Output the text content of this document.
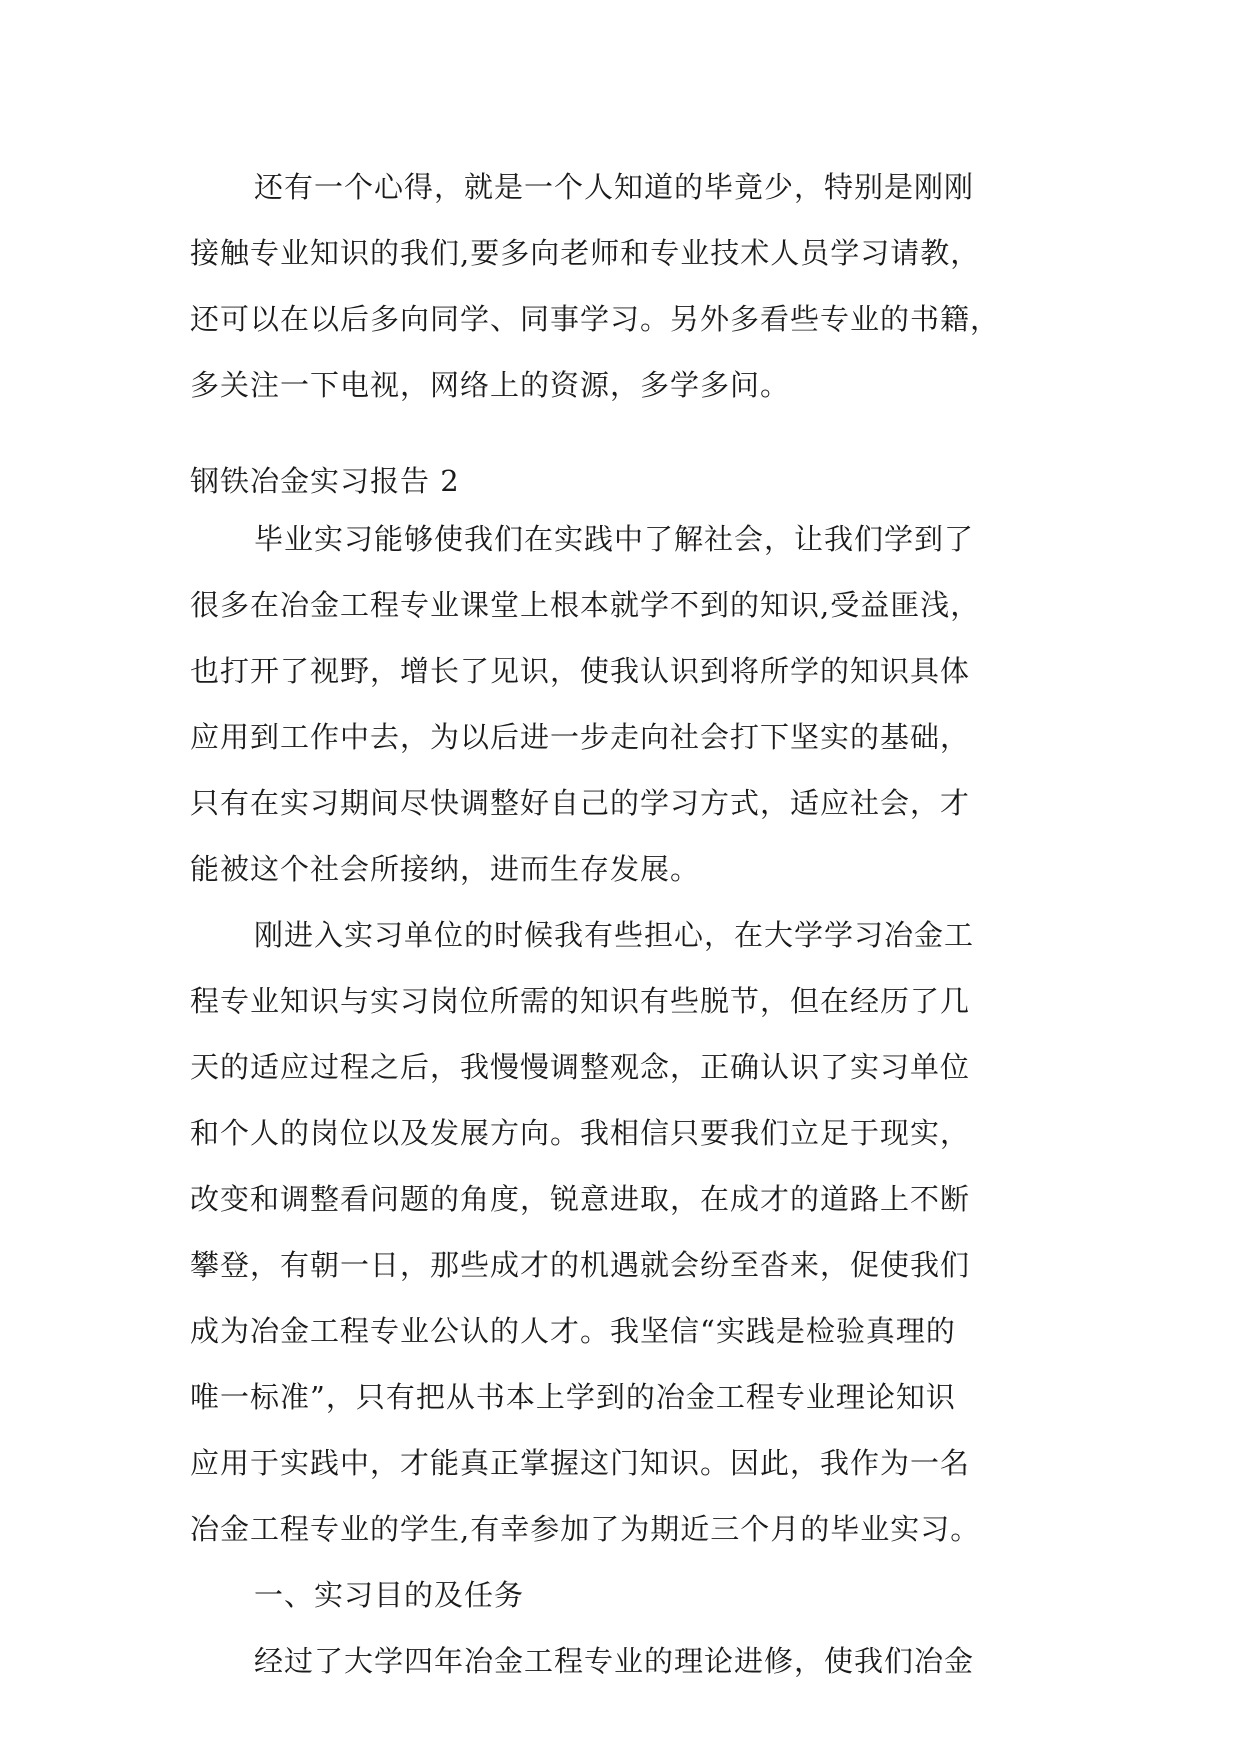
还有一个心得，就是一个人知道的毕竟少，特别是刚刚
接触专业知识的我们,要多向老师和专业技术人员学习请教，
还可以在以后多向同学、同事学习。另外多看些专业的书籍，
多关注一下电视，网络上的资源，多学多问。
钢铁冶金实习报告 2
毕业实习能够使我们在实践中了解社会，让我们学到了
很多在冶金工程专业课堂上根本就学不到的知识,受益匪浅，
也打开了视野，增长了见识，使我认识到将所学的知识具体
应用到工作中去，为以后进一步走向社会打下坚实的基础，
只有在实习期间尽快调整好自己的学习方式，适应社会，才
能被这个社会所接纳，进而生存发展。
刚进入实习单位的时候我有些担心，在大学学习冶金工
程专业知识与实习岗位所需的知识有些脱节，但在经历了几
天的适应过程之后，我慢慢调整观念，正确认识了实习单位
和个人的岗位以及发展方向。我相信只要我们立足于现实，
改变和调整看问题的角度，锐意进取，在成才的道路上不断
攀登，有朝一日，那些成才的机遇就会纷至沓来，促使我们
成为冶金工程专业公认的人才。我坚信“实践是检验真理的
唯一标准”，只有把从书本上学到的冶金工程专业理论知识
应用于实践中，才能真正掌握这门知识。因此，我作为一名
冶金工程专业的学生,有幸参加了为期近三个月的毕业实习。
一、实习目的及任务
经过了大学四年冶金工程专业的理论进修，使我们冶金
